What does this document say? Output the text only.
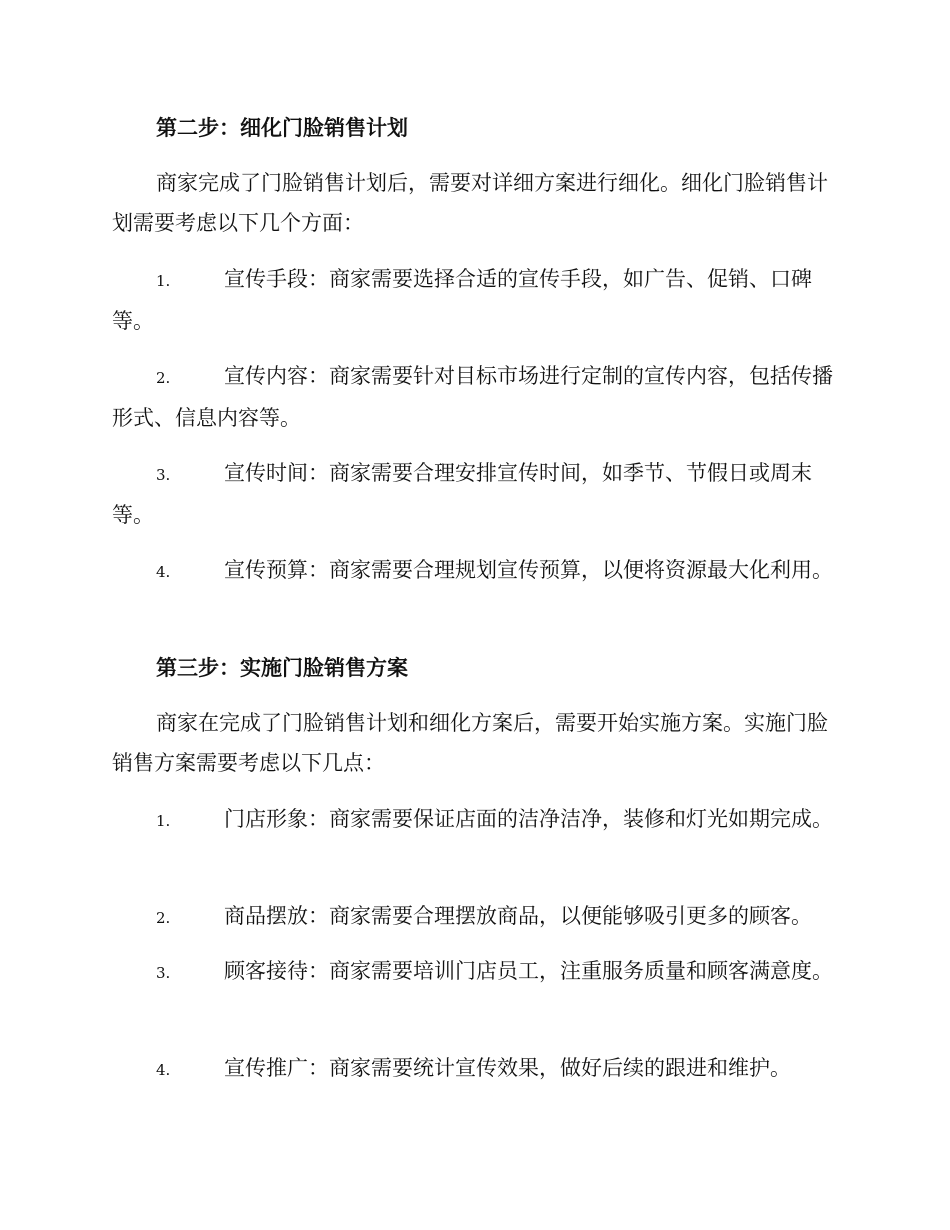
第二步：细化门脸销售计划
商家完成了门脸销售计划后，需要对详细方案进行细化。细化门脸销售计划需要考虑以下几个方面：
1.	宣传手段：商家需要选择合适的宣传手段，如广告、促销、口碑等。
2.	宣传内容：商家需要针对目标市场进行定制的宣传内容，包括传播形式、信息内容等。
3.	宣传时间：商家需要合理安排宣传时间，如季节、节假日或周末等。
4.	宣传预算：商家需要合理规划宣传预算，以便将资源最大化利用。
第三步：实施门脸销售方案
商家在完成了门脸销售计划和细化方案后，需要开始实施方案。实施门脸销售方案需要考虑以下几点：
1.	门店形象：商家需要保证店面的洁净洁净，装修和灯光如期完成。
2.	商品摆放：商家需要合理摆放商品，以便能够吸引更多的顾客。
3.	顾客接待：商家需要培训门店员工，注重服务质量和顾客满意度。
4.	宣传推广：商家需要统计宣传效果，做好后续的跟进和维护。
